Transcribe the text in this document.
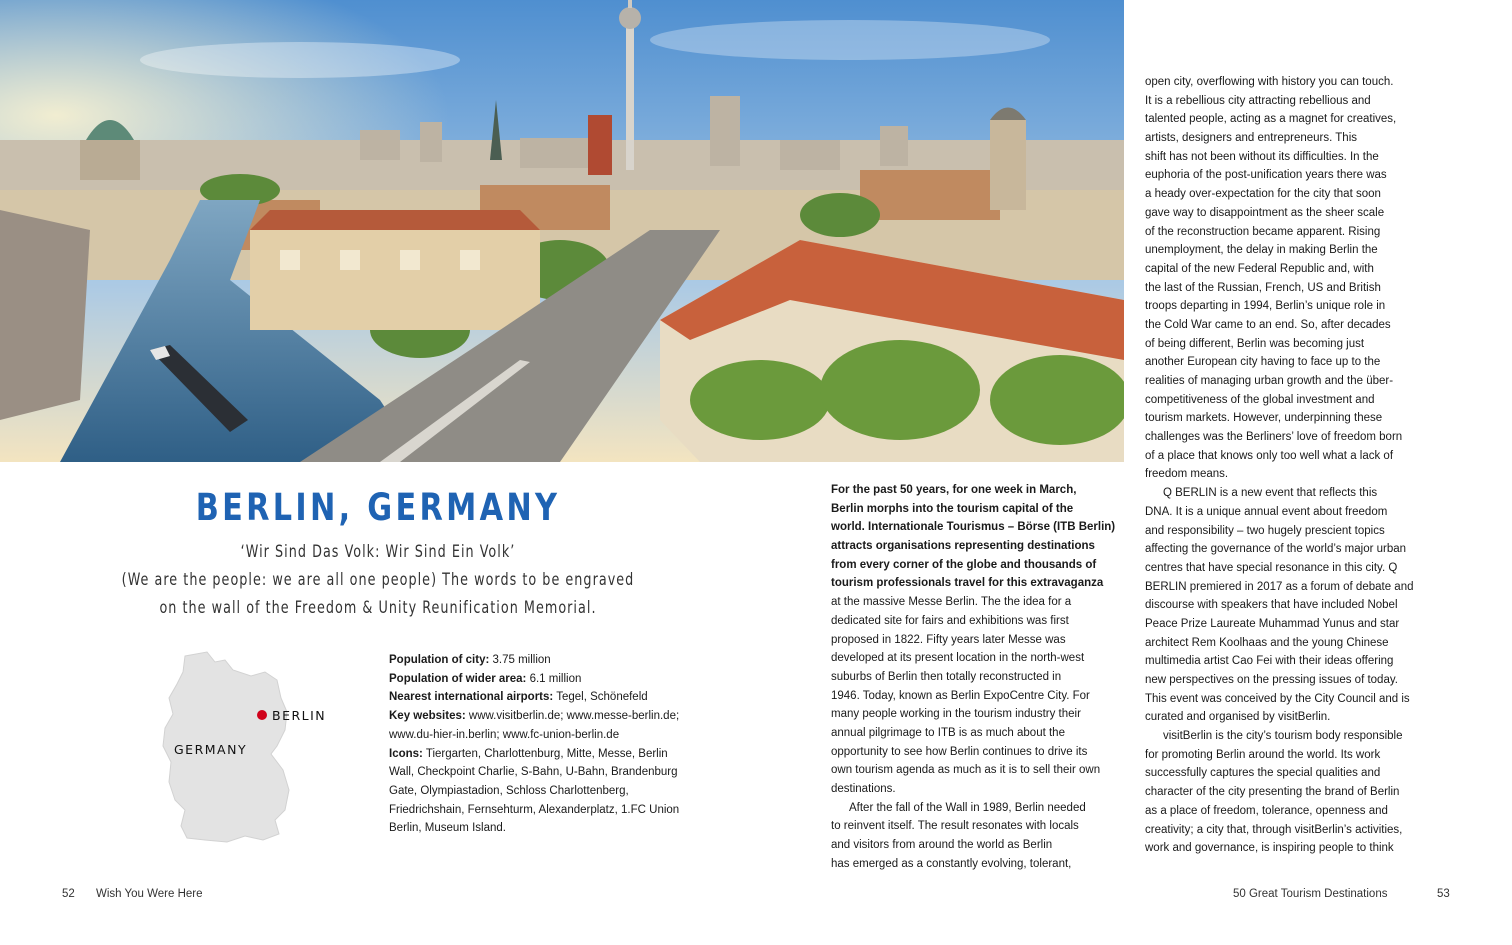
BERLIN, GERMANY
‘Wir Sind Das Volk: Wir Sind Ein Volk’
(We are the people: we are all one people) The words to be engraved
on the wall of the Freedom & Unity Reunification Memorial.
BERLIN
GERMANY
Population of city: 3.75 million
Population of wider area: 6.1 million
Nearest international airports: Tegel, Schönefeld
Key websites: www.visitberlin.de; www.messe-berlin.de; www.du-hier-in.berlin; www.fc-union-berlin.de
Icons: Tiergarten, Charlottenburg, Mitte, Messe, Berlin Wall, Checkpoint Charlie, S-Bahn, U-Bahn, Brandenburg Gate, Olympiastadion, Schloss Charlottenberg, Friedrichshain, Fernsehturm, Alexanderplatz, 1.FC Union Berlin, Museum Island.
For the past 50 years, for one week in March,
Berlin morphs into the tourism capital of the
world. Internationale Tourismus – Börse (ITB Berlin)
attracts organisations representing destinations
from every corner of the globe and thousands of
tourism professionals travel for this extravaganza
at the massive Messe Berlin. The the idea for a
dedicated site for fairs and exhibitions was first
proposed in 1822. Fifty years later Messe was
developed at its present location in the north-west
suburbs of Berlin then totally reconstructed in
1946. Today, known as Berlin ExpoCentre City. For
many people working in the tourism industry their
annual pilgrimage to ITB is as much about the
opportunity to see how Berlin continues to drive its
own tourism agenda as much as it is to sell their own
destinations.
After the fall of the Wall in 1989, Berlin needed
to reinvent itself. The result resonates with locals
and visitors from around the world as Berlin
has emerged as a constantly evolving, tolerant,
open city, overflowing with history you can touch.
It is a rebellious city attracting rebellious and
talented people, acting as a magnet for creatives,
artists, designers and entrepreneurs. This
shift has not been without its difficulties. In the
euphoria of the post-unification years there was
a heady over-expectation for the city that soon
gave way to disappointment as the sheer scale
of the reconstruction became apparent. Rising
unemployment, the delay in making Berlin the
capital of the new Federal Republic and, with
the last of the Russian, French, US and British
troops departing in 1994, Berlin’s unique role in
the Cold War came to an end. So, after decades
of being different, Berlin was becoming just
another European city having to face up to the
realities of managing urban growth and the über-
competitiveness of the global investment and
tourism markets. However, underpinning these
challenges was the Berliners’ love of freedom born
of a place that knows only too well what a lack of
freedom means.
Q BERLIN is a new event that reflects this
DNA. It is a unique annual event about freedom
and responsibility – two hugely prescient topics
affecting the governance of the world’s major urban
centres that have special resonance in this city. Q
BERLIN premiered in 2017 as a forum of debate and
discourse with speakers that have included Nobel
Peace Prize Laureate Muhammad Yunus and star
architect Rem Koolhaas and the young Chinese
multimedia artist Cao Fei with their ideas offering
new perspectives on the pressing issues of today.
This event was conceived by the City Council and is
curated and organised by visitBerlin.
visitBerlin is the city’s tourism body responsible
for promoting Berlin around the world. Its work
successfully captures the special qualities and
character of the city presenting the brand of Berlin
as a place of freedom, tolerance, openness and
creativity; a city that, through visitBerlin’s activities,
work and governance, is inspiring people to think
52 Wish You Were Here	50 Great Tourism Destinations	53
